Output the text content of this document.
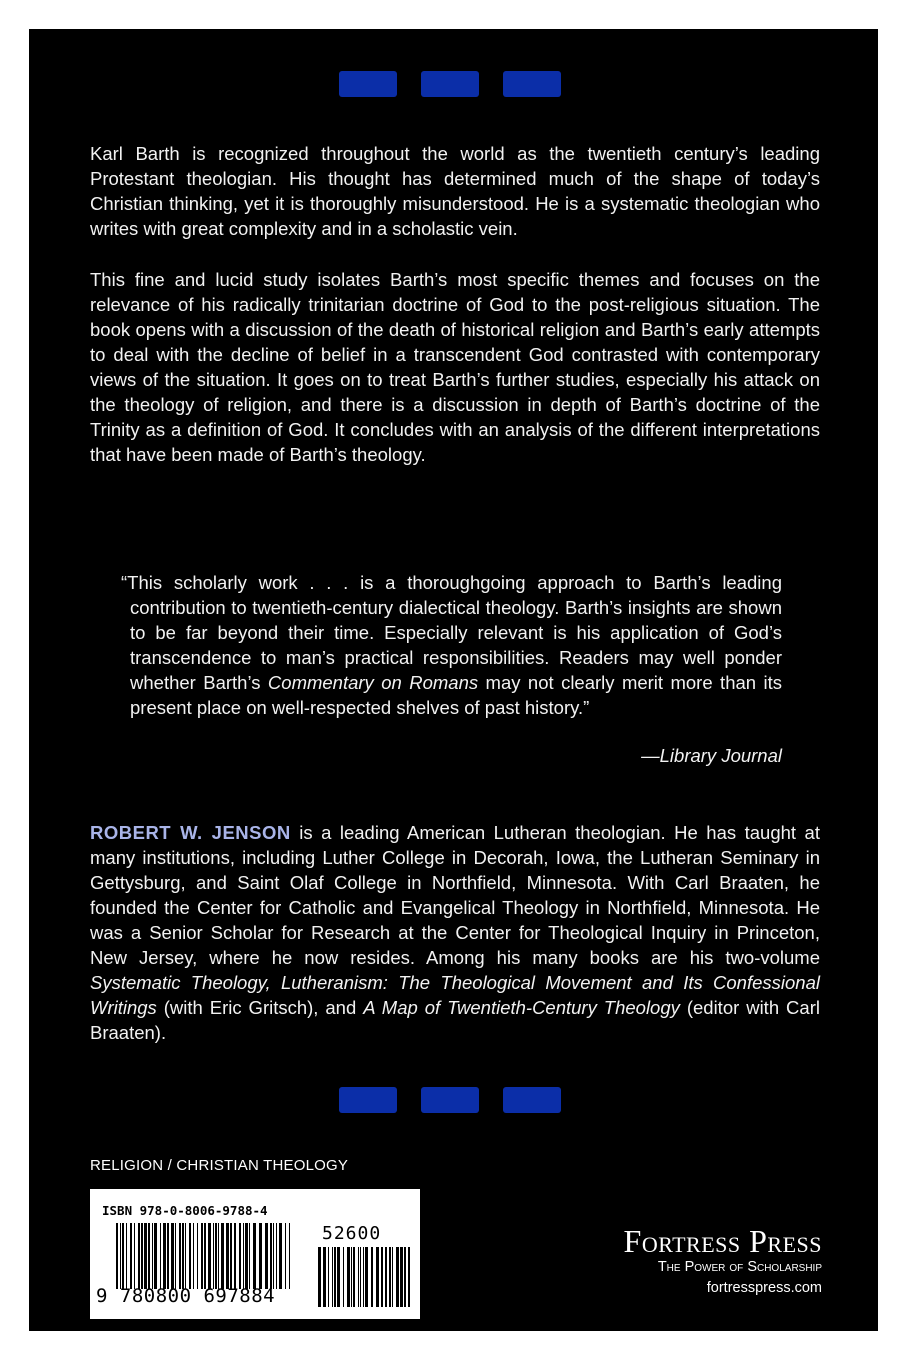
Karl Barth is recognized throughout the world as the twentieth century’s leading Protestant theologian. His thought has determined much of the shape of today’s Christian thinking, yet it is thoroughly misunderstood. He is a systematic theologian who writes with great complexity and in a scholastic vein.

This fine and lucid study isolates Barth’s most specific themes and focuses on the relevance of his radically trinitarian doctrine of God to the post-religious situation. The book opens with a discussion of the death of historical religion and Barth’s early attempts to deal with the decline of belief in a transcendent God contrasted with contemporary views of the situation. It goes on to treat Barth’s further studies, especially his attack on the theology of religion, and there is a discussion in depth of Barth’s doctrine of the Trinity as a definition of God. It concludes with an analysis of the different interpretations that have been made of Barth’s theology.

“This scholarly work . . . is a thoroughgoing approach to Barth’s leading contribution to twentieth-century dialectical theology. Barth’s insights are shown to be far beyond their time. Especially relevant is his application of God’s transcendence to man’s practical responsibilities. Readers may well ponder whether Barth’s Commentary on Romans may not clearly merit more than its present place on well-respected shelves of past history.”

—Library Journal

ROBERT W. JENSON is a leading American Lutheran theologian. He has taught at many institutions, including Luther College in Decorah, Iowa, the Lutheran Seminary in Gettysburg, and Saint Olaf College in Northfield, Minnesota. With Carl Braaten, he founded the Center for Catholic and Evangelical Theology in Northfield, Minnesota. He was a Senior Scholar for Research at the Center for Theological Inquiry in Princeton, New Jersey, where he now resides. Among his many books are his two-volume Systematic Theology, Lutheranism: The Theological Movement and Its Confessional Writings (with Eric Gritsch), and A Map of Twentieth-Century Theology (editor with Carl Braaten).

RELIGION / CHRISTIAN THEOLOGY
ISBN 978-0-8006-9788-4
9 780800 697884
52600	Fortress Press
The Power of Scholarship
fortresspress.com
